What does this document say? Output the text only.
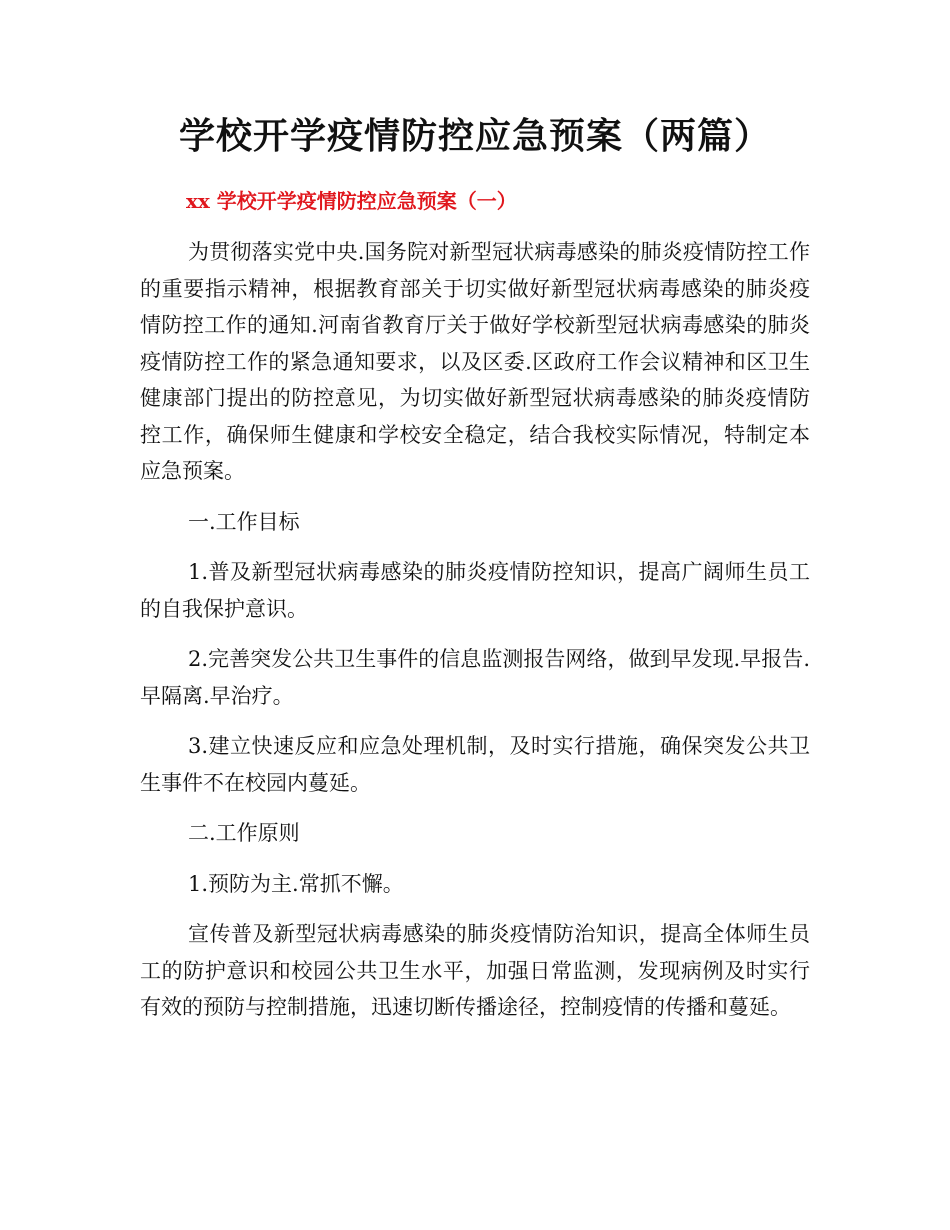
学校开学疫情防控应急预案（两篇）
xx 学校开学疫情防控应急预案（一）

为贯彻落实党中央.国务院对新型冠状病毒感染的肺炎疫情防控工作的重要指示精神，根据教育部关于切实做好新型冠状病毒感染的肺炎疫情防控工作的通知.河南省教育厅关于做好学校新型冠状病毒感染的肺炎疫情防控工作的紧急通知要求，以及区委.区政府工作会议精神和区卫生健康部门提出的防控意见，为切实做好新型冠状病毒感染的肺炎疫情防控工作，确保师生健康和学校安全稳定，结合我校实际情况，特制定本应急预案。

一.工作目标

1.普及新型冠状病毒感染的肺炎疫情防控知识，提高广阔师生员工的自我保护意识。

2.完善突发公共卫生事件的信息监测报告网络，做到早发现.早报告.早隔离.早治疗。

3.建立快速反应和应急处理机制，及时实行措施，确保突发公共卫生事件不在校园内蔓延。

二.工作原则

1.预防为主.常抓不懈。

宣传普及新型冠状病毒感染的肺炎疫情防治知识，提高全体师生员工的防护意识和校园公共卫生水平，加强日常监测，发现病例及时实行有效的预防与控制措施，迅速切断传播途径，控制疫情的传播和蔓延。
